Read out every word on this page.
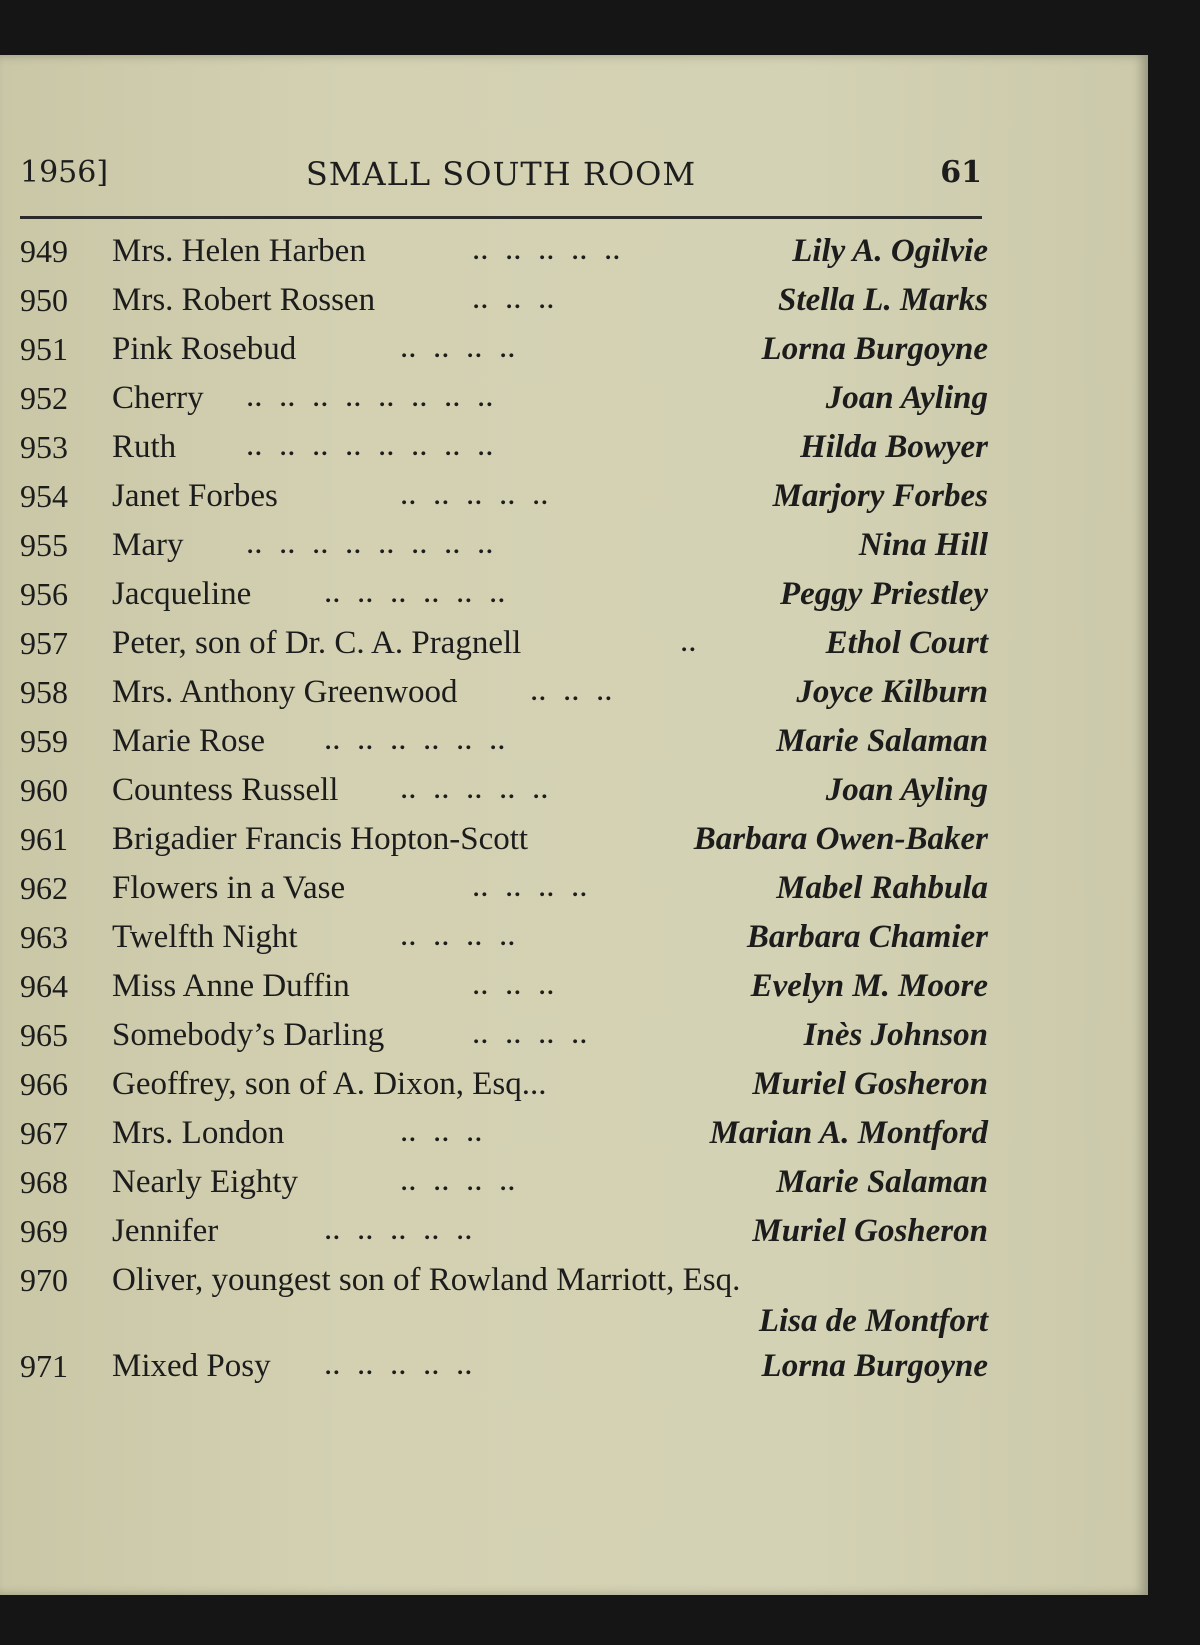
1956]	SMALL SOUTH ROOM	61
949 Mrs. Helen Harben	..  ..  ..  ..  ..	Lily A. Ogilvie
950 Mrs. Robert Rossen	..  ..  ..	Stella L. Marks
951 Pink Rosebud	..  ..  ..  ..	Lorna Burgoyne
952 Cherry ..  ..  ..  ..  ..  ..  ..  ..	Joan Ayling
953 Ruth ..  ..  ..  ..  ..  ..  ..  ..	Hilda Bowyer
954 Janet Forbes	..  ..  ..  ..  ..	Marjory Forbes
955 Mary ..  ..  ..  ..  ..  ..  ..  ..	Nina Hill
956 Jacqueline ..  ..  ..  ..  ..  ..	Peggy Priestley
957 Peter, son of Dr. C. A. Pragnell	..	Ethol Court
958 Mrs. Anthony Greenwood ..  ..  ..	Joyce Kilburn
959 Marie Rose ..  ..  ..  ..  ..  ..	Marie Salaman
960 Countess Russell ..  ..  ..  ..  ..	Joan Ayling
961 Brigadier Francis Hopton-Scott	Barbara Owen-Baker
962 Flowers in a Vase	..  ..  ..  ..	Mabel Rahbula
963 Twelfth Night	..  ..  ..  ..	Barbara Chamier
964 Miss Anne Duffin	..  ..  ..	Evelyn M. Moore
965 Somebody’s Darling	..  ..  ..  ..	Inès Johnson
966 Geoffrey, son of A. Dixon, Esq...	Muriel Gosheron
967 Mrs. London	..  ..  ..	Marian A. Montford
968 Nearly Eighty	..  ..  ..  ..	Marie Salaman
969 Jennifer	..  ..  ..  ..  ..	Muriel Gosheron
970 Oliver, youngest son of Rowland Marriott, Esq.
Lisa de Montfort
971 Mixed Posy ..  ..  ..  ..  ..	Lorna Burgoyne
